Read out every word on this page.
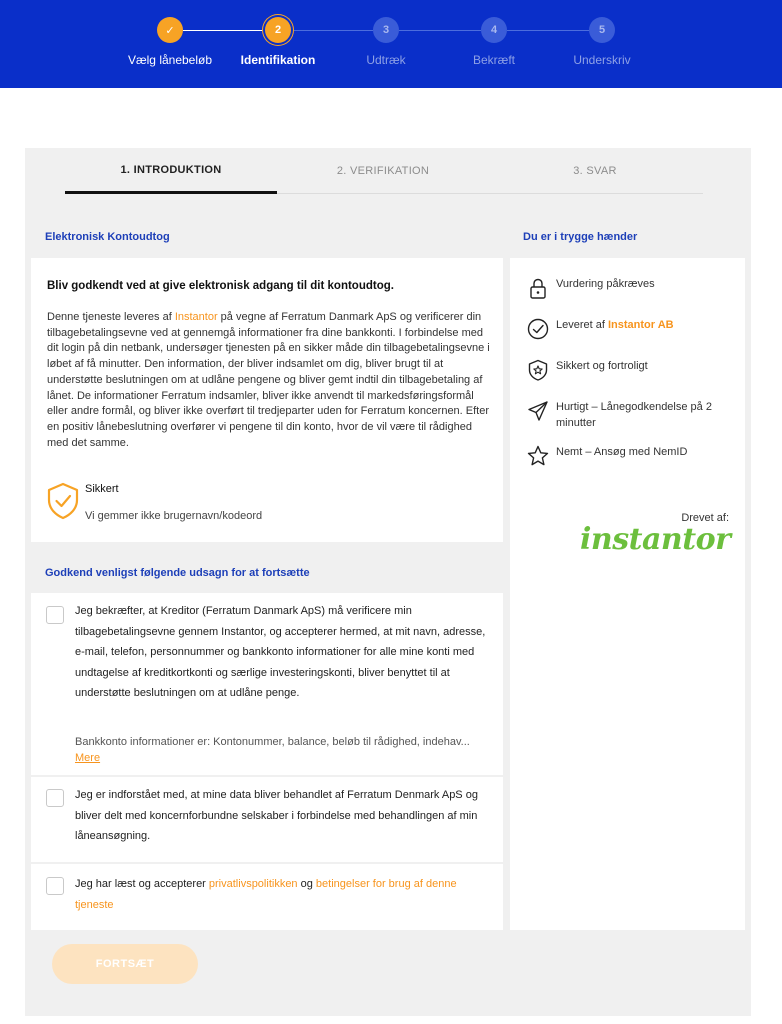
✓
Vælg lånebeløb
2
Identifikation
3
Udtræk
4
Bekræft
5
Underskriv
1. INTRODUKTION	2. VERIFIKATION	3. SVAR
Elektronisk Kontoudtog
Bliv godkendt ved at give elektronisk adgang til dit kontoudtog.
Denne tjeneste leveres af Instantor på vegne af Ferratum Danmark ApS og verificerer din tilbagebetalingsevne ved at gennemgå informationer fra dine bankkonti. I forbindelse med dit login på din netbank, undersøger tjenesten på en sikker måde din tilbagebetalingsevne i løbet af få minutter. Den information, der bliver indsamlet om dig, bliver brugt til at understøtte beslutningen om at udlåne pengene og bliver gemt indtil din tilbagebetaling af lånet. De informationer Ferratum indsamler, bliver ikke anvendt til markedsføringsformål eller andre formål, og bliver ikke overført til tredjeparter uden for Ferratum koncernen. Efter en positiv lånebeslutning overfører vi pengene til din konto, hvor de vil være til rådighed med det samme.
Sikkert
Vi gemmer ikke brugernavn/kodeord
Du er i trygge hænder
Vurdering påkræves
Leveret af Instantor AB
Sikkert og fortroligt
Hurtigt – Lånegodkendelse på 2 minutter
Nemt – Ansøg med NemID
Drevet af:
instantor
Godkend venligst følgende udsagn for at fortsætte
Jeg bekræfter, at Kreditor (Ferratum Danmark ApS) må verificere min tilbagebetalingsevne gennem Instantor, og accepterer hermed, at mit navn, adresse, e-mail, telefon, personnummer og bankkonto informationer for alle mine konti med undtagelse af kreditkortkonti og særlige investeringskonti, bliver benyttet til at understøtte beslutningen om at udlåne penge.
Bankkonto informationer er: Kontonummer, balance, beløb til rådighed, indehav... Mere
Jeg er indforstået med, at mine data bliver behandlet af Ferratum Denmark ApS og bliver delt med koncernforbundne selskaber i forbindelse med behandlingen af min låneansøgning.
Jeg har læst og accepterer privatlivspolitikken og betingelser for brug af denne tjeneste
FORTSÆT
